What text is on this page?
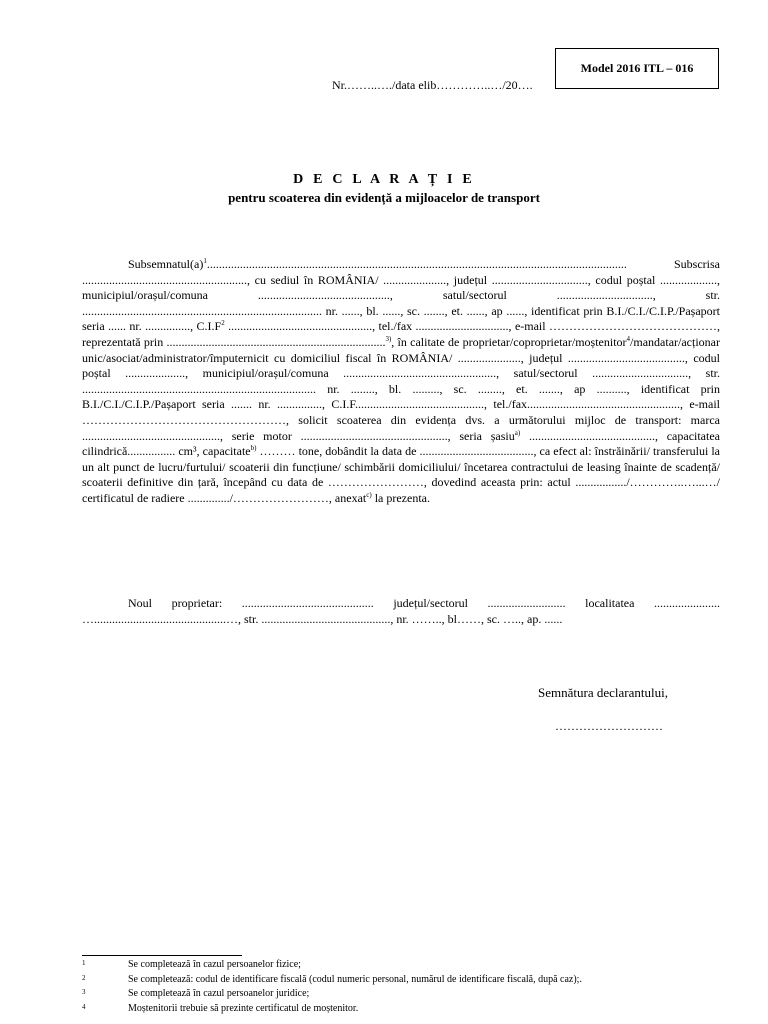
Model 2016 ITL – 016
Nr.……..…./data elib…………..…/20….
D E C L A R A Ț I E
pentru scoaterea din evidență a mijloacelor de transport
$Subsemnatul(a)^1$............................................................................................................................................ Subscrisa ......................................................., cu sediul în ROMÂNIA/ ....................., județul ................................, codul poștal ..................., municipiul/orașul/comuna ............................................, satul/sectorul ................................, str. ................................................................................ nr. ......, bl. ......, sc. ......., et. ......, ap ......, identificat prin B.I./C.I./C.I.P./Pașaport seria ...... nr. ..............., $C.I.F^2$ ................................................, tel./fax ..............................., e-mail ……………………………………, reprezentată prin .........................................................................$^{3)}$, în calitate de proprietar/coproprietar/moștenitor$^4$/mandatar/acționar unic/asociat/administrator/împuternicit cu domiciliul fiscal în ROMÂNIA/ ....................., județul ......................................., codul poștal ...................., municipiul/orașul/comuna ..................................................., satul/sectorul ................................, str. .............................................................................. nr. ........, bl. ........., sc. ........, et. ......., ap .........., identificat prin B.I./C.I./C.I.P./Pașaport seria ....... nr. ..............., C.I.F..........................................., tel./fax..................................................., e-mail ……………………………………………, solicit scoaterea din evidența dvs. a următorului mijloc de transport: marca .............................................., serie motor ................................................., seria șasiu$^{a)}$ .........................................., capacitatea cilindrică................ cm³, capacitate$^{b)}$ ……… tone, dobândit la data de ......................................, ca efect al: înstrăinării/ transferului la un alt punct de lucru/furtului/ scoaterii din funcțiune/ schimbării domiciliului/ încetarea contractului de leasing înainte de scadență/ scoaterii definitive din țară, începând cu data de ……………………, dovedind aceasta prin: actul ................./…………..…...…/ certificatul de radiere ............../……………………, anexat$^{c)}$ la prezenta.
Noul proprietar: ............................................ județul/sectorul .......................... localitatea ...................... …............................................…, str. ..........................................., nr. …….., bl……, sc. ….., ap. ......
Semnătura declarantului,
………………………
1	Se completează în cazul persoanelor fizice;
2	Se completează: codul de identificare fiscală (codul numeric personal, numărul de identificare fiscală, după caz);.
3	Se completează în cazul persoanelor juridice;
4	Moștenitorii trebuie să prezinte certificatul de moștenitor.
